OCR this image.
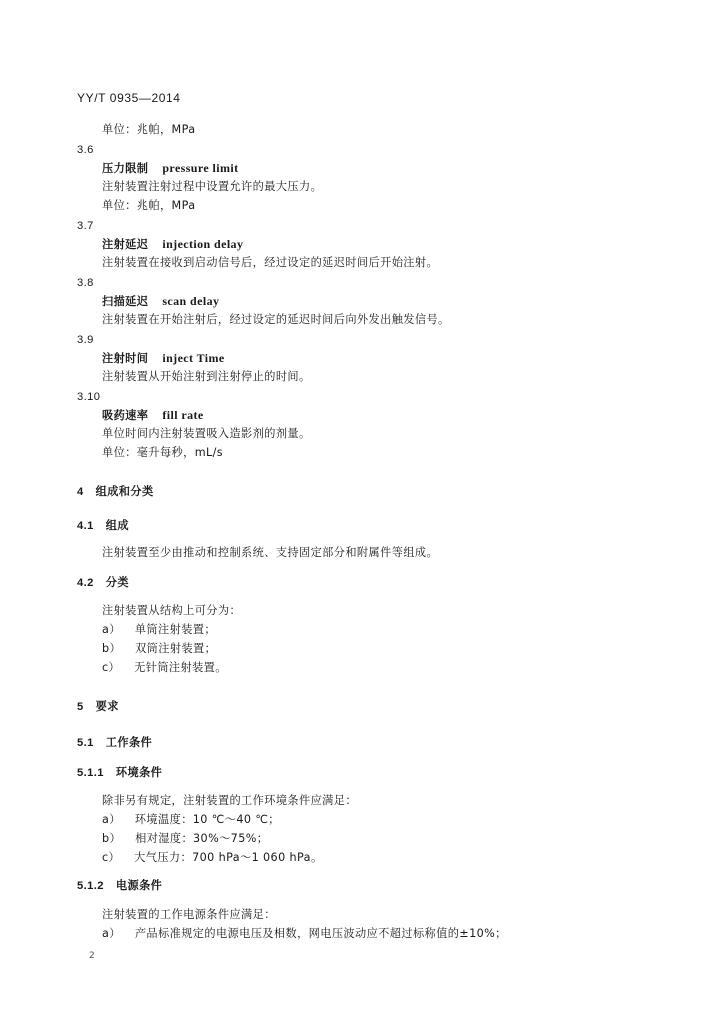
YY/T 0935—2014
单位：兆帕，MPa
3.6
压力限制 pressure limit
注射装置注射过程中设置允许的最大压力。
单位：兆帕，MPa
3.7
注射延迟 injection delay
注射装置在接收到启动信号后，经过设定的延迟时间后开始注射。
3.8
扫描延迟 scan delay
注射装置在开始注射后，经过设定的延迟时间后向外发出触发信号。
3.9
注射时间 inject Time
注射装置从开始注射到注射停止的时间。
3.10
吸药速率 fill rate
单位时间内注射装置吸入造影剂的剂量。
单位：毫升每秒，mL/s
4 组成和分类
4.1 组成
注射装置至少由推动和控制系统、支持固定部分和附属件等组成。
4.2 分类
注射装置从结构上可分为：
a） 单筒注射装置；
b） 双筒注射装置；
c） 无针筒注射装置。
5 要求
5.1 工作条件
5.1.1 环境条件
除非另有规定，注射装置的工作环境条件应满足：
a） 环境温度：10 ℃～40 ℃；
b） 相对湿度：30%～75%；
c） 大气压力：700 hPa～1 060 hPa。
5.1.2 电源条件
注射装置的工作电源条件应满足：
a） 产品标准规定的电源电压及相数，网电压波动应不超过标称值的±10%；
2
